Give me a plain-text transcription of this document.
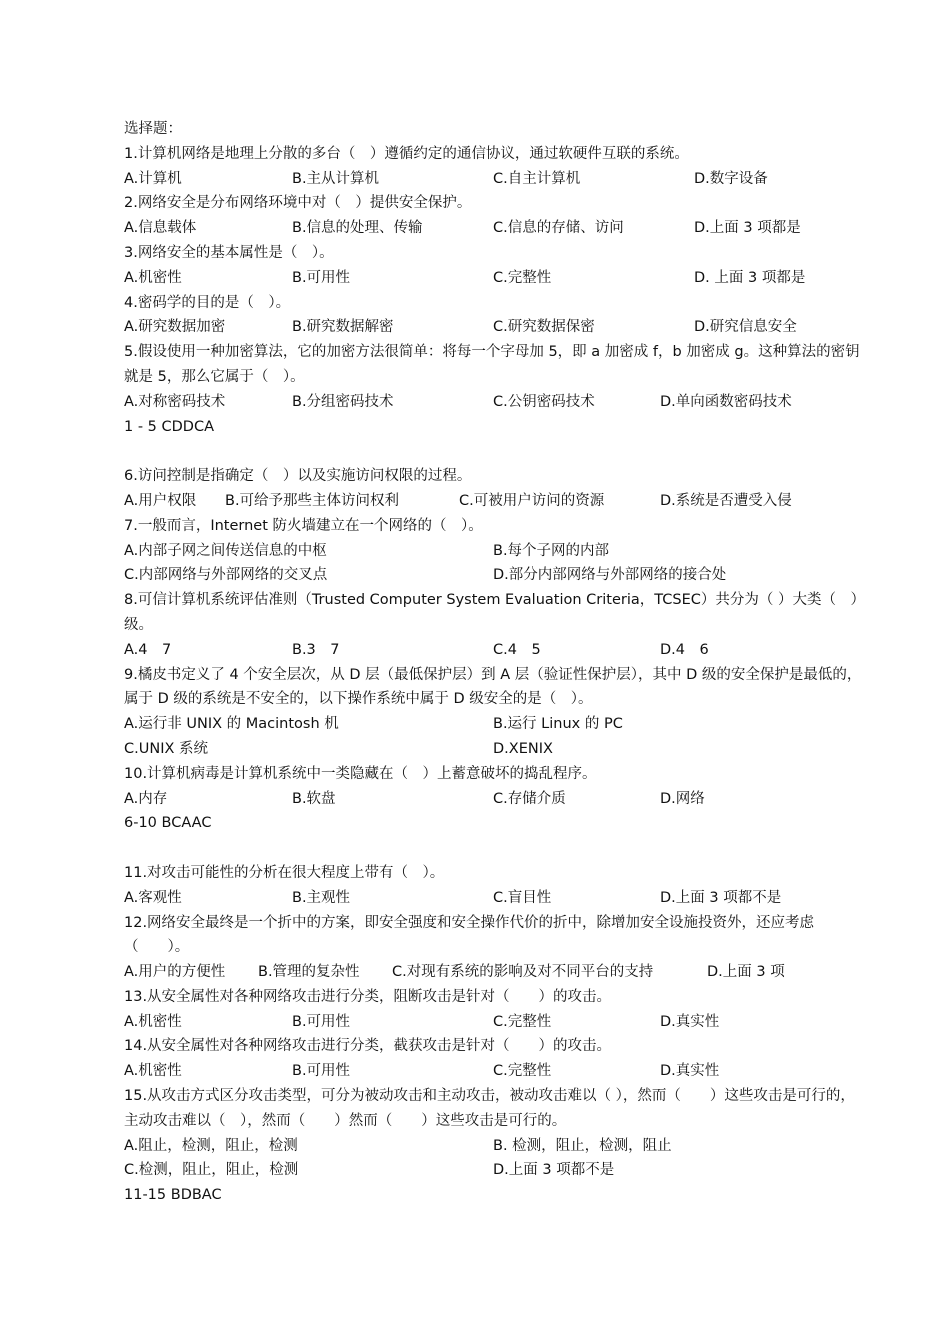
选择题：
1.计算机网络是地理上分散的多台（　）遵循约定的通信协议，通过软硬件互联的系统。
A.计算机	B.主从计算机	C.自主计算机	D.数字设备
2.网络安全是分布网络环境中对（　）提供安全保护。
A.信息载体	B.信息的处理、传输	C.信息的存储、访问	D.上面 3 项都是
3.网络安全的基本属性是（　）。
A.机密性	B.可用性	C.完整性	D. 上面 3 项都是
4.密码学的目的是（　）。
A.研究数据加密	B.研究数据解密	C.研究数据保密	D.研究信息安全
5.假设使用一种加密算法，它的加密方法很简单：将每一个字母加 5，即 a 加密成 f，b 加密成 g。这种算法的密钥就是 5，那么它属于（　）。
A.对称密码技术	B.分组密码技术	C.公钥密码技术	D.单向函数密码技术
1 - 5 CDDCA
6.访问控制是指确定（　）以及实施访问权限的过程。
A.用户权限 B.可给予那些主体访问权利	C.可被用户访问的资源	D.系统是否遭受入侵
7.一般而言，Internet 防火墙建立在一个网络的（　）。
A.内部子网之间传送信息的中枢	B.每个子网的内部
C.内部网络与外部网络的交叉点	D.部分内部网络与外部网络的接合处
8.可信计算机系统评估准则（Trusted Computer System Evaluation Criteria，TCSEC）共分为（ ）大类（　）级。
A.4　7	B.3　7	C.4　5	D.4　6
9.橘皮书定义了 4 个安全层次，从 D 层（最低保护层）到 A 层（验证性保护层），其中 D 级的安全保护是最低的，属于 D 级的系统是不安全的，以下操作系统中属于 D 级安全的是（　）。
A.运行非 UNIX 的 Macintosh 机	B.运行 Linux 的 PC
C.UNIX 系统	D.XENIX
10.计算机病毒是计算机系统中一类隐藏在（　）上蓄意破坏的捣乱程序。
A.内存	B.软盘	C.存储介质	D.网络
6-10 BCAAC
11.对攻击可能性的分析在很大程度上带有（　）。
A.客观性	B.主观性	C.盲目性	D.上面 3 项都不是
12.网络安全最终是一个折中的方案，即安全强度和安全操作代价的折中，除增加安全设施投资外，还应考虑（　　）。
A.用户的方便性 B.管理的复杂性 C.对现有系统的影响及对不同平台的支持	D.上面 3 项
13.从安全属性对各种网络攻击进行分类，阻断攻击是针对（　　）的攻击。
A.机密性	B.可用性	C.完整性	D.真实性
14.从安全属性对各种网络攻击进行分类，截获攻击是针对（　　）的攻击。
A.机密性	B.可用性	C.完整性	D.真实性
15.从攻击方式区分攻击类型，可分为被动攻击和主动攻击，被动攻击难以（ ），然而（　　）这些攻击是可行的，主动攻击难以（　），然而（　　）然而（　　）这些攻击是可行的。
A.阻止，检测，阻止，检测	B. 检测，阻止，检测，阻止
C.检测，阻止，阻止，检测	D.上面 3 项都不是
11-15 BDBAC
